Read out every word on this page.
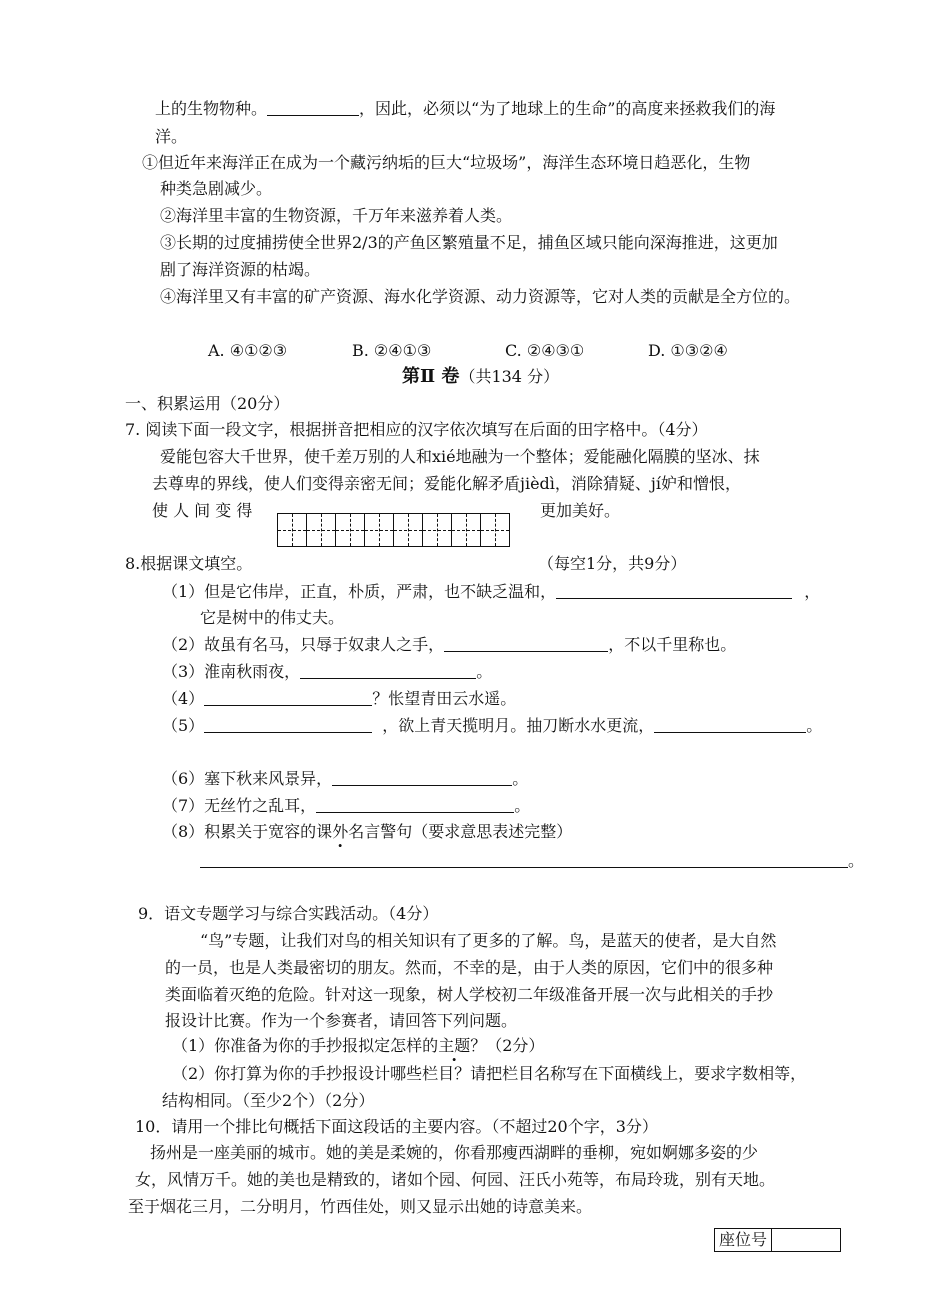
上的生物物种。	，因此，必须以“为了地球上的生命”的高度来拯救我们的海
洋。
①但近年来海洋正在成为一个藏污纳垢的巨大“垃圾场”，海洋生态环境日趋恶化，生物
种类急剧减少。
②海洋里丰富的生物资源，千万年来滋养着人类。
③长期的过度捕捞使全世界2/3的产鱼区繁殖量不足，捕鱼区域只能向深海推进，这更加
剧了海洋资源的枯竭。
④海洋里又有丰富的矿产资源、海水化学资源、动力资源等，它对人类的贡献是全方位的。
A. ④①②③	B. ②④①③	C. ②④③①	D. ①③②④
第Ⅱ 卷（共134 分）
一、积累运用（20分）
7. 阅读下面一段文字，根据拼音把相应的汉字依次填写在后面的田字格中。（4分）
爱能包容大千世界，使千差万别的人和xié地融为一个整体；爱能融化隔膜的坚冰、抹
去尊卑的界线，使人们变得亲密无间；爱能化解矛盾jièdì，消除猜疑、jí妒和憎恨，
使 人 间 变 得	更加美好。
8.根据课文填空。	（每空1分，共9分）
（1）但是它伟岸，正直，朴质，严肃，也不缺乏温和，	，
它是树中的伟丈夫。
（2）故虽有名马，只辱于奴隶人之手，	，不以千里称也。
（3）淮南秋雨夜，	。
（4）	？怅望青田云水遥。
（5）	，欲上青天揽明月。抽刀断水水更流，	。
（6）塞下秋来风景异，	。
（7）无丝竹之乱耳，	。
（8）积累关于宽容的课外名言警句（要求意思表述完整）
。
9．语文专题学习与综合实践活动。（4分）
“鸟”专题，让我们对鸟的相关知识有了更多的了解。鸟，是蓝天的使者，是大自然
的一员，也是人类最密切的朋友。然而，不幸的是，由于人类的原因，它们中的很多种
类面临着灭绝的危险。针对这一现象，树人学校初二年级准备开展一次与此相关的手抄
报设计比赛。作为一个参赛者，请回答下列问题。
（1）你准备为你的手抄报拟定怎样的主题？（2分）
（2）你打算为你的手抄报设计哪些栏目？请把栏目名称写在下面横线上，要求字数相等，
结构相同。（至少2个）（2分）
10．请用一个排比句概括下面这段话的主要内容。（不超过20个字，3分）
扬州是一座美丽的城市。她的美是柔婉的，你看那瘦西湖畔的垂柳，宛如婀娜多姿的少
女，风情万千。她的美也是精致的，诸如个园、何园、汪氏小苑等，布局玲珑，别有天地。
至于烟花三月，二分明月，竹西佳处，则又显示出她的诗意美来。
座位号
